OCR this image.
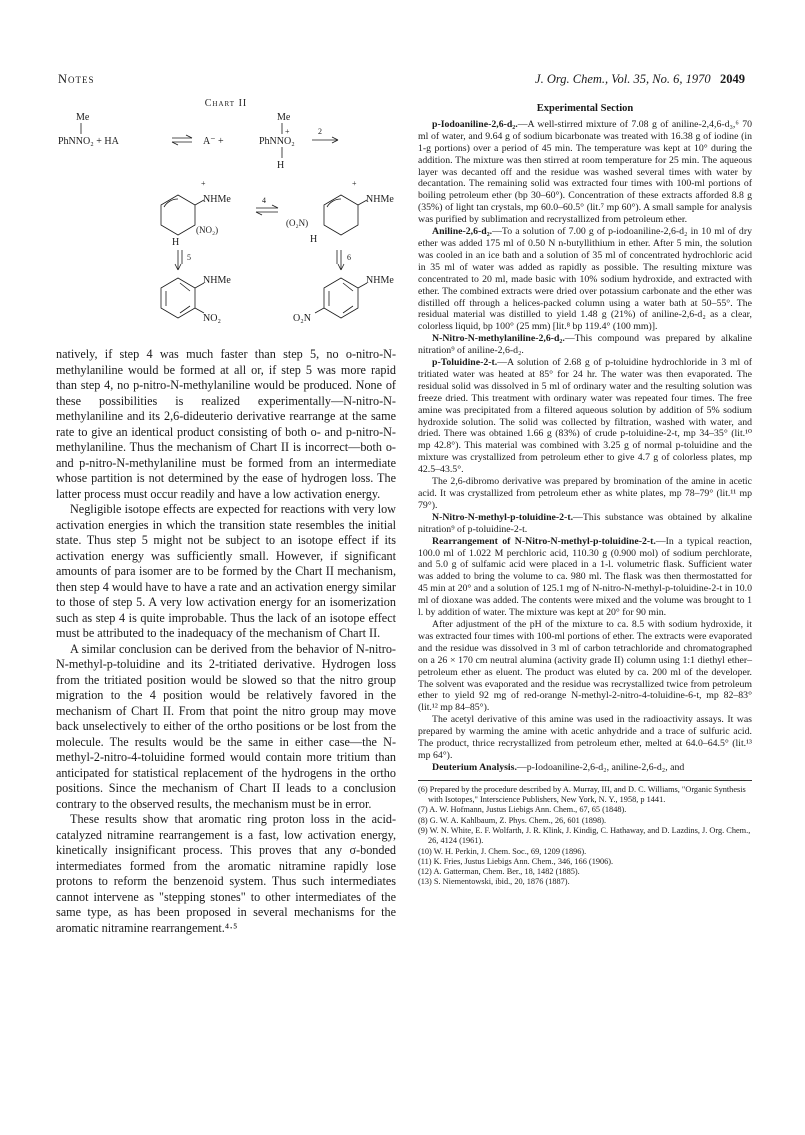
Notes	J. Org. Chem., Vol. 35, No. 6, 1970 2049
Chart II
Me
PhNNO₂ + HA	A⁻ +
Me
+
PhNNO₂
H
2
+
NHMe
(NO₂)
H
4
+
NHMe
(O₂N)
H
5	6
NHMe
NO₂
NHMe
O₂N

natively, if step 4 was much faster than step 5, no o-nitro-N-methylaniline would be formed at all or, if step 5 was more rapid than step 4, no p-nitro-N-methylaniline would be produced. None of these possibilities is realized experimentally—N-nitro-N-methylaniline and its 2,6-dideuterio derivative rearrange at the same rate to give an identical product consisting of both o- and p-nitro-N-methylaniline. Thus the mechanism of Chart II is incorrect—both o- and p-nitro-N-methylaniline must be formed from an intermediate whose partition is not determined by the ease of hydrogen loss. The latter process must occur readily and have a low activation energy.

Negligible isotope effects are expected for reactions with very low activation energies in which the transition state resembles the initial state. Thus step 5 might not be subject to an isotope effect if its activation energy was sufficiently small. However, if significant amounts of para isomer are to be formed by the Chart II mechanism, then step 4 would have to have a rate and an activation energy similar to those of step 5. A very low activation energy for an isomerization such as step 4 is quite improbable. Thus the lack of an isotope effect must be attributed to the inadequacy of the mechanism of Chart II.

A similar conclusion can be derived from the behavior of N-nitro-N-methyl-p-toluidine and its 2-tritiated derivative. Hydrogen loss from the tritiated position would be slowed so that the nitro group migration to the 4 position would be relatively favored in the mechanism of Chart II. From that point the nitro group may move back unselectively to either of the ortho positions or be lost from the molecule. The results would be the same in either case—the N-methyl-2-nitro-4-toluidine formed would contain more tritium than anticipated for statistical replacement of the hydrogens in the ortho positions. Since the mechanism of Chart II leads to a conclusion contrary to the observed results, the mechanism must be in error.

These results show that aromatic ring proton loss in the acid-catalyzed nitramine rearrangement is a fast, low activation energy, kinetically insignificant process. This proves that any σ-bonded intermediates formed from the aromatic nitramine rapidly lose protons to reform the benzenoid system. Thus such intermediates cannot intervene as "stepping stones" to other intermediates of the same type, as has been proposed in several mechanisms for the aromatic nitramine rearrangement.⁴·⁵

Experimental Section

p-Iodoaniline-2,6-d₂.—A well-stirred mixture of 7.08 g of aniline-2,4,6-d₃,⁶ 70 ml of water, and 9.64 g of sodium bicarbonate was treated with 16.38 g of iodine (in 1-g portions) over a period of 45 min. The temperature was kept at 10° during the addition. The mixture was then stirred at room temperature for 25 min. The aqueous layer was decanted off and the residue was washed several times with water by decantation. The remaining solid was extracted four times with 100-ml portions of boiling petroleum ether (bp 30–60°). Concentration of these extracts afforded 8.8 g (35%) of light tan crystals, mp 60.0–60.5° (lit.⁷ mp 60°). A small sample for analysis was purified by sublimation and recrystallized from petroleum ether.

Aniline-2,6-d₂.—To a solution of 7.00 g of p-iodoaniline-2,6-d₂ in 10 ml of dry ether was added 175 ml of 0.50 N n-butyllithium in ether. After 5 min, the solution was cooled in an ice bath and a solution of 35 ml of concentrated hydrochloric acid in 35 ml of water was added as rapidly as possible. The resulting mixture was concentrated to 20 ml, made basic with 10% sodium hydroxide, and extracted with ether. The combined extracts were dried over potassium carbonate and the ether was distilled off through a helices-packed column using a water bath at 50–55°. The residual material was distilled to yield 1.48 g (21%) of aniline-2,6-d₂ as a clear, colorless liquid, bp 100° (25 mm) [lit.⁸ bp 119.4° (100 mm)].

N-Nitro-N-methylaniline-2,6-d₂.—This compound was prepared by alkaline nitration⁹ of aniline-2,6-d₂.

p-Toluidine-2-t.—A solution of 2.68 g of p-toluidine hydrochloride in 3 ml of tritiated water was heated at 85° for 24 hr. The water was then evaporated. The residual solid was dissolved in 5 ml of ordinary water and the resulting solution was freeze dried. This treatment with ordinary water was repeated four times. The free amine was precipitated from a filtered aqueous solution by addition of 5% sodium hydroxide solution. The solid was collected by filtration, washed with water, and dried. There was obtained 1.66 g (83%) of crude p-toluidine-2-t, mp 34–35° (lit.¹⁰ mp 42.8°). This material was combined with 3.25 g of normal p-toluidine and the mixture was crystallized from petroleum ether to give 4.7 g of colorless plates, mp 42.5–43.5°.

The 2,6-dibromo derivative was prepared by bromination of the amine in acetic acid. It was crystallized from petroleum ether as white plates, mp 78–79° (lit.¹¹ mp 79°).

N-Nitro-N-methyl-p-toluidine-2-t.—This substance was obtained by alkaline nitration⁹ of p-toluidine-2-t.

Rearrangement of N-Nitro-N-methyl-p-toluidine-2-t.—In a typical reaction, 100.0 ml of 1.022 M perchloric acid, 110.30 g (0.900 mol) of sodium perchlorate, and 5.0 g of sulfamic acid were placed in a 1-l. volumetric flask. Sufficient water was added to bring the volume to ca. 980 ml. The flask was then thermostatted for 45 min at 20° and a solution of 125.1 mg of N-nitro-N-methyl-p-toluidine-2-t in 10.0 ml of dioxane was added. The contents were mixed and the volume was brought to 1 l. by addition of water. The mixture was kept at 20° for 90 min.

After adjustment of the pH of the mixture to ca. 8.5 with sodium hydroxide, it was extracted four times with 100-ml portions of ether. The extracts were evaporated and the residue was dissolved in 3 ml of carbon tetrachloride and chromatographed on a 26 × 170 cm neutral alumina (activity grade II) column using 1:1 diethyl ether–petroleum ether as eluent. The product was eluted by ca. 200 ml of the developer. The solvent was evaporated and the residue was recrystallized twice from petroleum ether to yield 92 mg of red-orange N-methyl-2-nitro-4-toluidine-6-t, mp 82–83° (lit.¹² mp 84–85°).

The acetyl derivative of this amine was used in the radioactivity assays. It was prepared by warming the amine with acetic anhydride and a trace of sulfuric acid. The product, thrice recrystallized from petroleum ether, melted at 64.0–64.5° (lit.¹³ mp 64°).

Deuterium Analysis.—p-Iodoaniline-2,6-d₂, aniline-2,6-d₂, and

(6) Prepared by the procedure described by A. Murray, III, and D. C. Williams, "Organic Synthesis with Isotopes," Interscience Publishers, New York, N. Y., 1958, p 1441.
(7) A. W. Hofmann, Justus Liebigs Ann. Chem., 67, 65 (1848).
(8) G. W. A. Kahlbaum, Z. Phys. Chem., 26, 601 (1898).
(9) W. N. White, E. F. Wolfarth, J. R. Klink, J. Kindig, C. Hathaway, and D. Lazdins, J. Org. Chem., 26, 4124 (1961).
(10) W. H. Perkin, J. Chem. Soc., 69, 1209 (1896).
(11) K. Fries, Justus Liebigs Ann. Chem., 346, 166 (1906).
(12) A. Gatterman, Chem. Ber., 18, 1482 (1885).
(13) S. Niementowski, ibid., 20, 1876 (1887).
